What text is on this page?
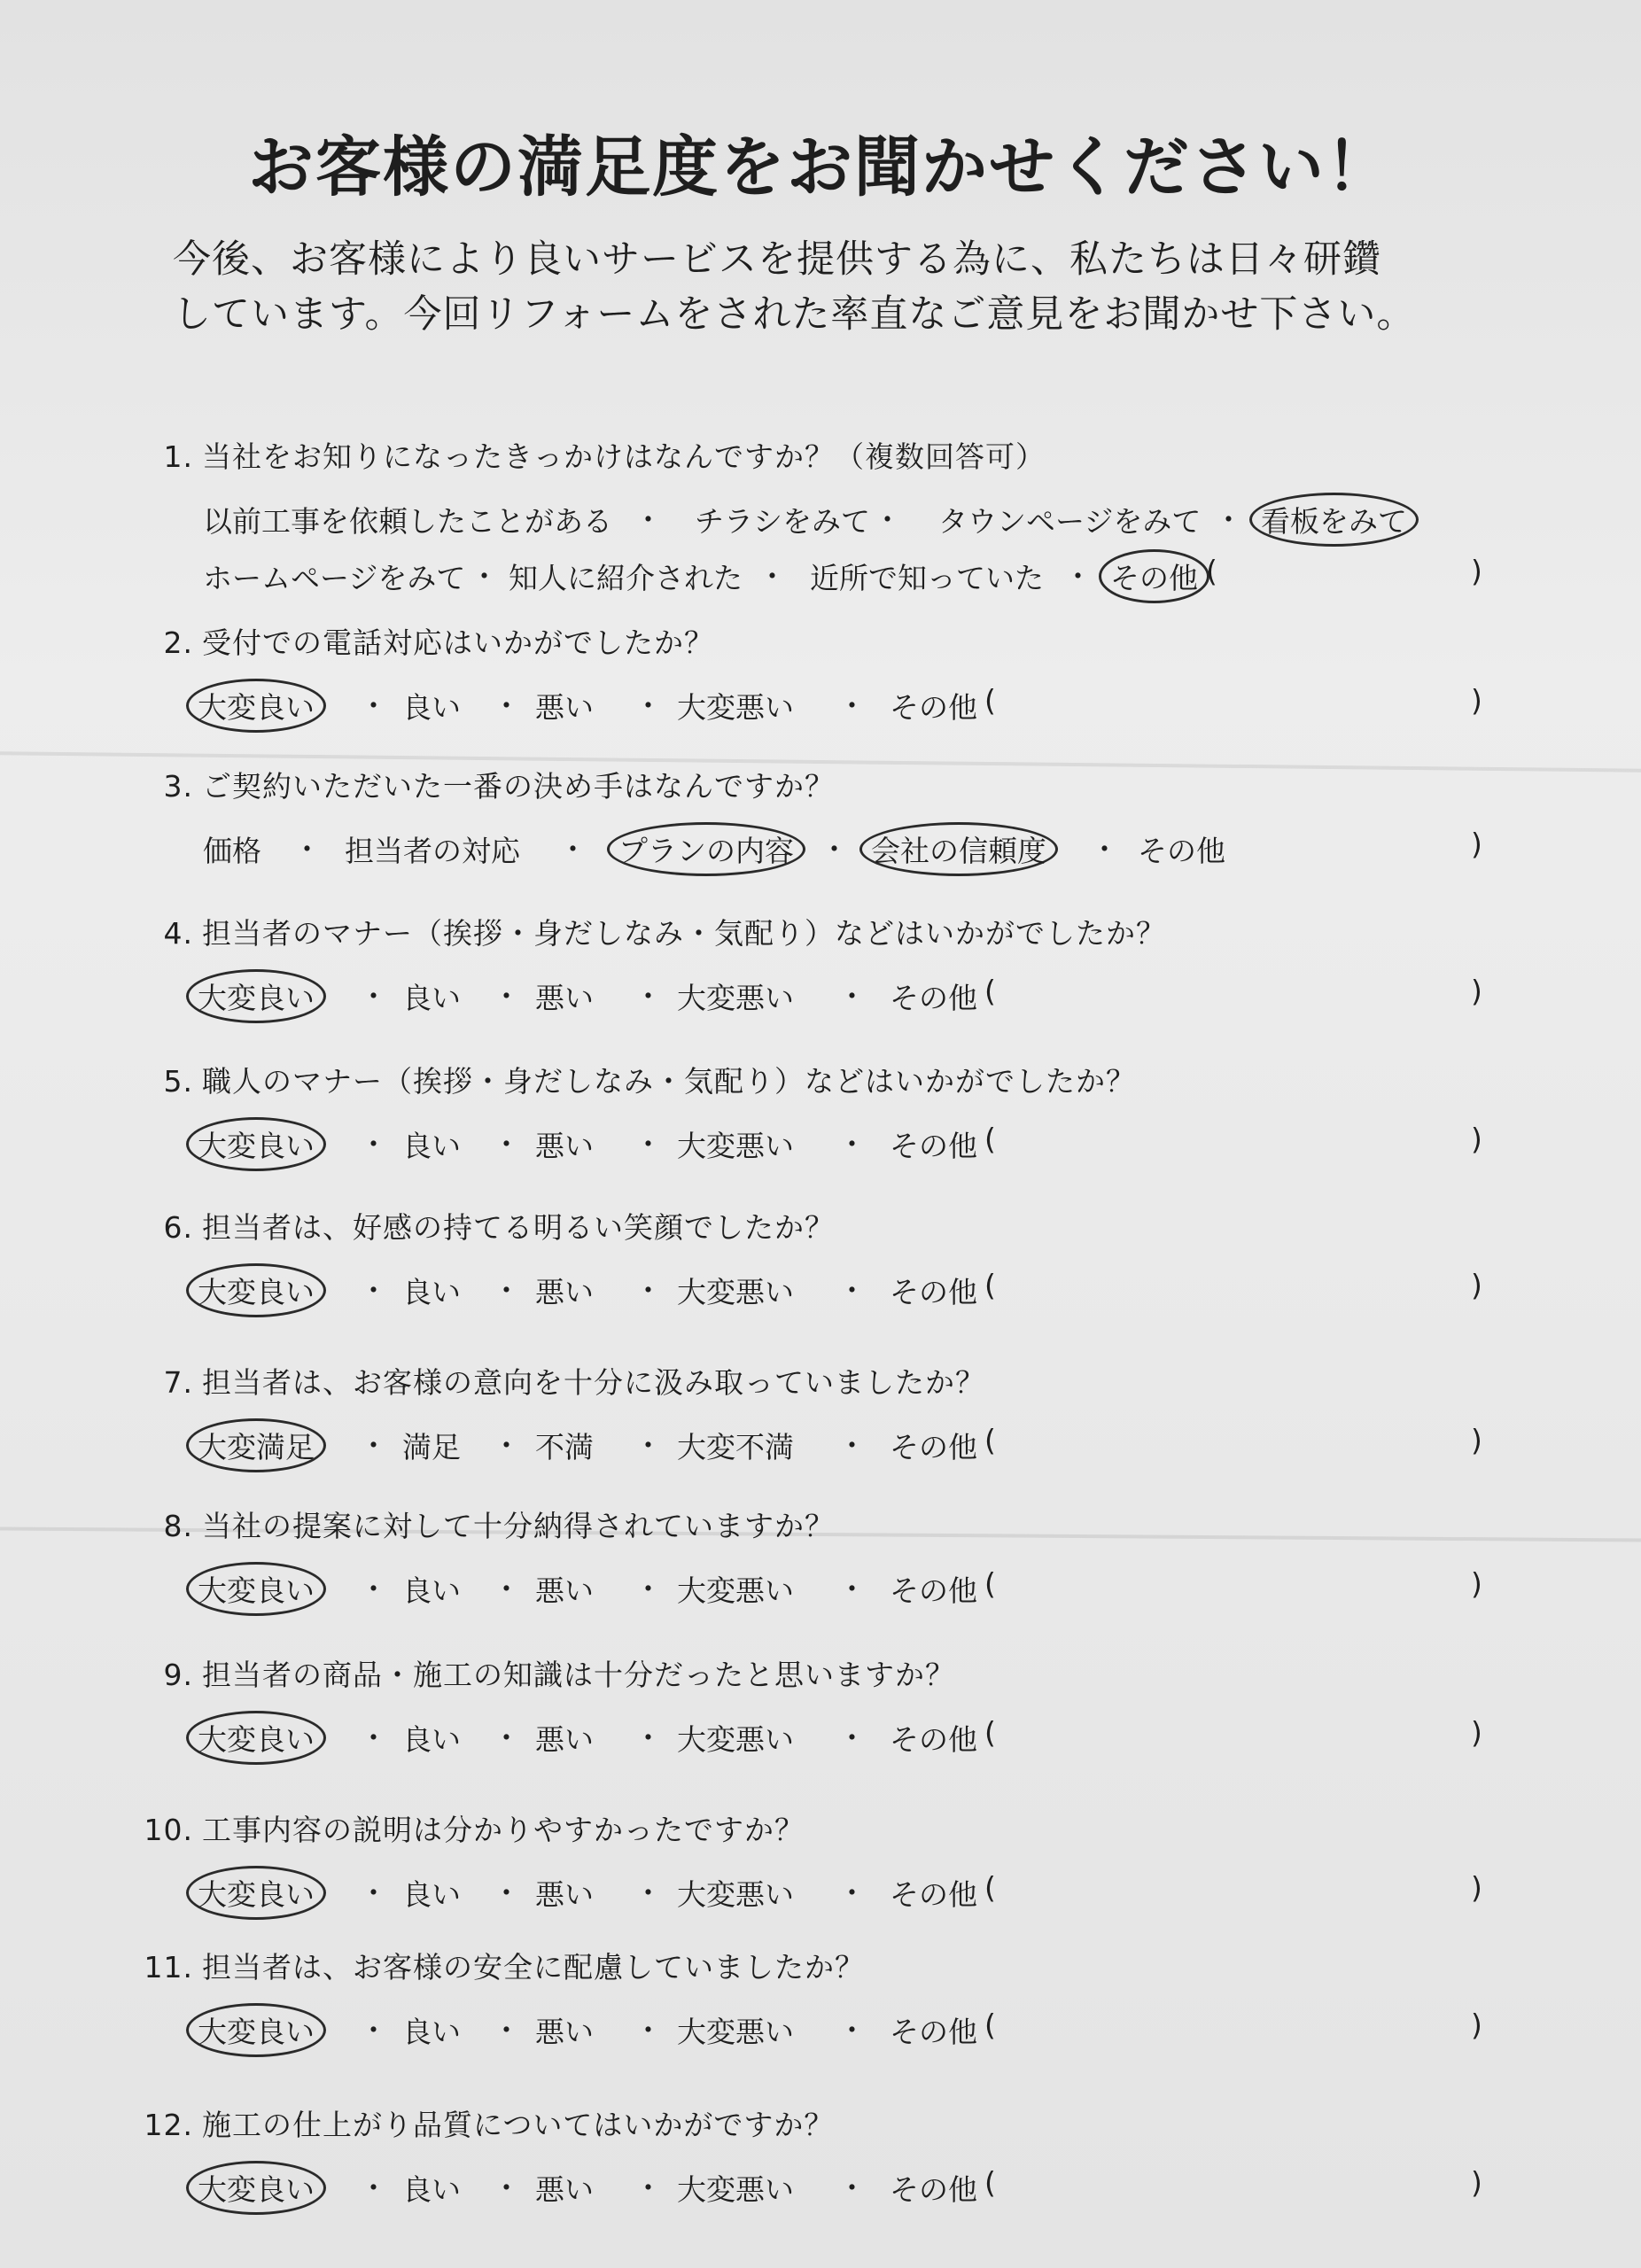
お客様の満足度をお聞かせください！
今後、お客様により良いサービスを提供する為に、私たちは日々研鑽
しています。今回リフォームをされた率直なご意見をお聞かせ下さい。
1. 当社をお知りになったきっかけはなんですか？（複数回答可）
以前工事を依頼したことがある ・ チラシをみて ・ タウンページをみて ・ 看板をみて
ホームページをみて ・ 知人に紹介された ・ 近所で知っていた ・ その他 (	)
2. 受付での電話対応はいかがでしたか？
大変良い	・ 良い ・ 悪い ・ 大変悪い ・ その他 (	)
3. ご契約いただいた一番の決め手はなんですか？
価格 ・ 担当者の対応 ・	プランの内容 ・ 会社の信頼度	・ その他	)
4. 担当者のマナー（挨拶・身だしなみ・気配り）などはいかがでしたか？
大変良い	・ 良い ・ 悪い ・ 大変悪い ・ その他 (	)
5. 職人のマナー（挨拶・身だしなみ・気配り）などはいかがでしたか？
大変良い	・ 良い ・ 悪い ・ 大変悪い ・ その他 (	)
6. 担当者は、好感の持てる明るい笑顔でしたか？
大変良い	・ 良い ・ 悪い ・ 大変悪い ・ その他 (	)
7. 担当者は、お客様の意向を十分に汲み取っていましたか？
大変満足	・ 満足 ・ 不満 ・ 大変不満 ・ その他 (	)
8. 当社の提案に対して十分納得されていますか？
大変良い	・ 良い ・ 悪い ・ 大変悪い ・ その他 (	)
9. 担当者の商品・施工の知識は十分だったと思いますか？
大変良い	・ 良い ・ 悪い ・ 大変悪い ・ その他 (	)
10. 工事内容の説明は分かりやすかったですか？
大変良い	・ 良い ・ 悪い ・ 大変悪い ・ その他 (	)
11. 担当者は、お客様の安全に配慮していましたか？
大変良い	・ 良い ・ 悪い ・ 大変悪い ・ その他 (	)
12. 施工の仕上がり品質についてはいかがですか？
大変良い	・ 良い ・ 悪い ・ 大変悪い ・ その他 (	)
